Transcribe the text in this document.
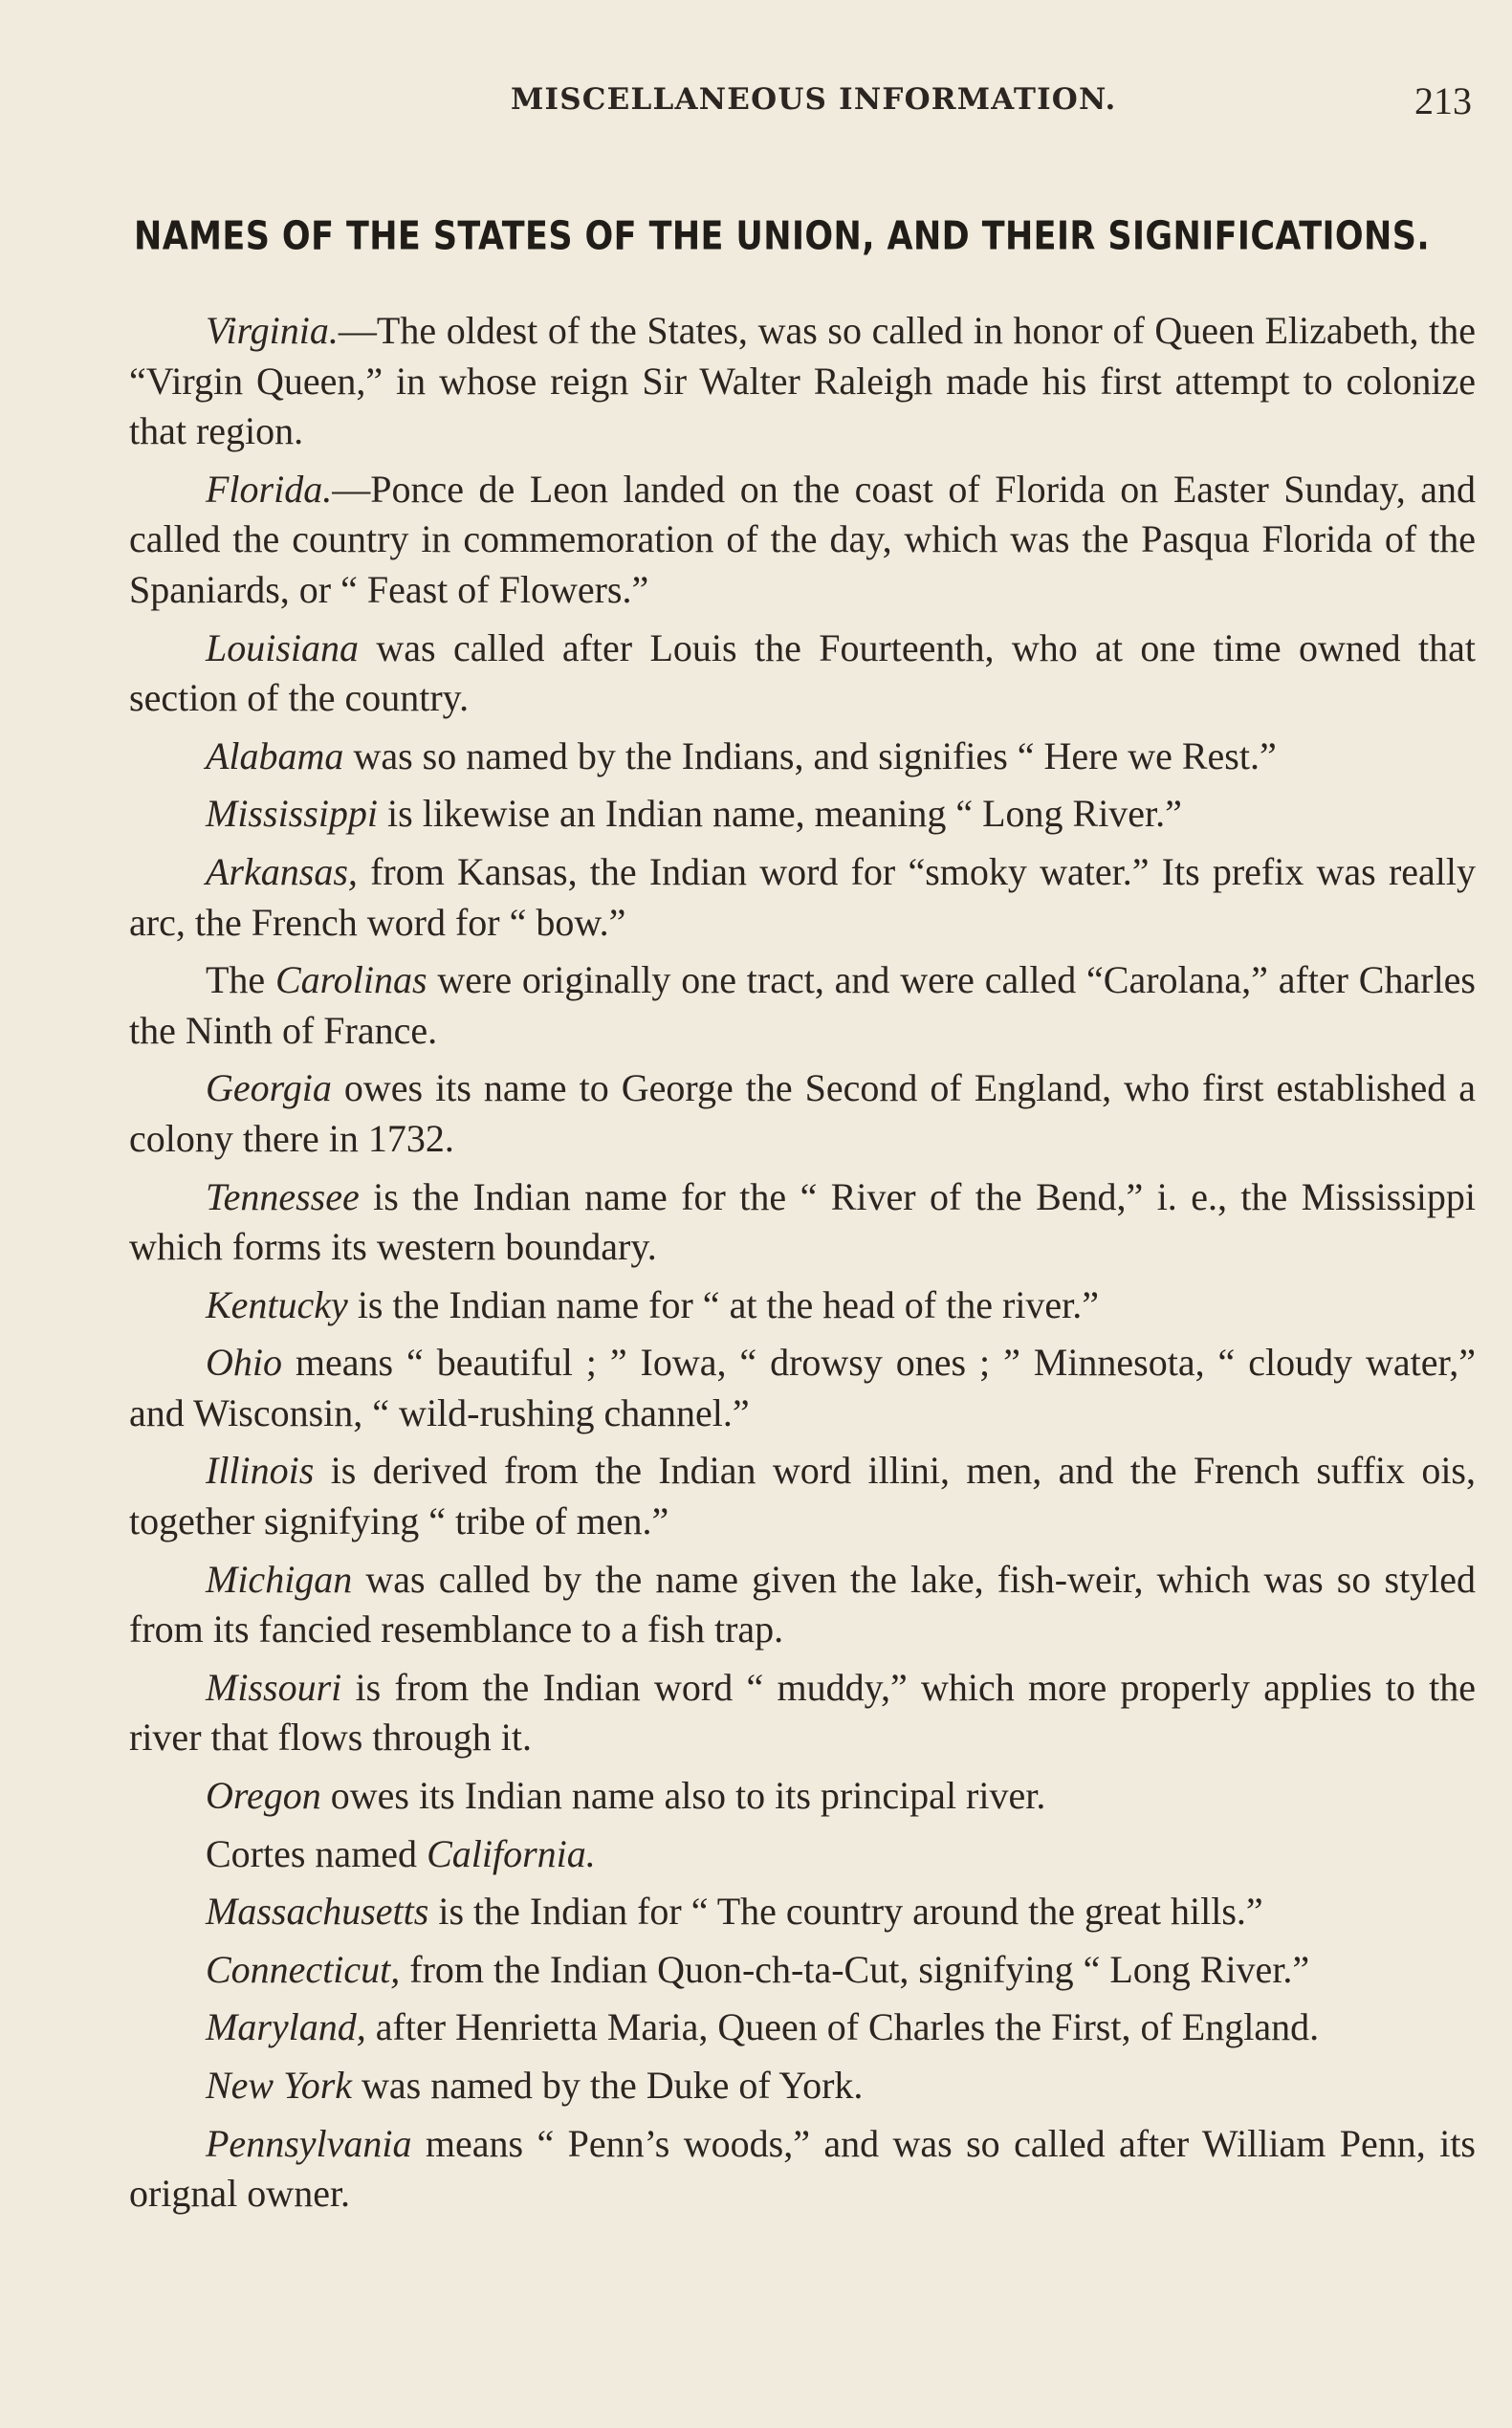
MISCELLANEOUS INFORMATION.	213
NAMES OF THE STATES OF THE UNION, AND THEIR SIGNIFICATIONS.

Virginia.—The oldest of the States, was so called in honor of Queen Elizabeth, the “Virgin Queen,” in whose reign Sir Walter Raleigh made his first attempt to colonize that region.

Florida.—Ponce de Leon landed on the coast of Florida on Easter Sunday, and called the country in commemoration of the day, which was the Pasqua Florida of the Spaniards, or “ Feast of Flowers.”

Louisiana was called after Louis the Fourteenth, who at one time owned that section of the country.

Alabama was so named by the Indians, and signifies “ Here we Rest.”

Mississippi is likewise an Indian name, meaning “ Long River.”

Arkansas, from Kansas, the Indian word for “smoky water.” Its prefix was really arc, the French word for “ bow.”

The Carolinas were originally one tract, and were called “Carolana,” after Charles the Ninth of France.

Georgia owes its name to George the Second of England, who first established a colony there in 1732.

Tennessee is the Indian name for the “ River of the Bend,” i. e., the Mississippi which forms its western boundary.

Kentucky is the Indian name for “ at the head of the river.”

Ohio means “ beautiful ; ” Iowa, “ drowsy ones ; ” Minnesota, “ cloudy water,” and Wisconsin, “ wild-rushing channel.”

Illinois is derived from the Indian word illini, men, and the French suffix ois, together signifying “ tribe of men.”

Michigan was called by the name given the lake, fish-weir, which was so styled from its fancied resemblance to a fish trap.

Missouri is from the Indian word “ muddy,” which more properly applies to the river that flows through it.

Oregon owes its Indian name also to its principal river.

Cortes named California.

Massachusetts is the Indian for “ The country around the great hills.”

Connecticut, from the Indian Quon-ch-ta-Cut, signifying “ Long River.”

Maryland, after Henrietta Maria, Queen of Charles the First, of England.

New York was named by the Duke of York.

Pennsylvania means “ Penn’s woods,” and was so called after William Penn, its orignal owner.
